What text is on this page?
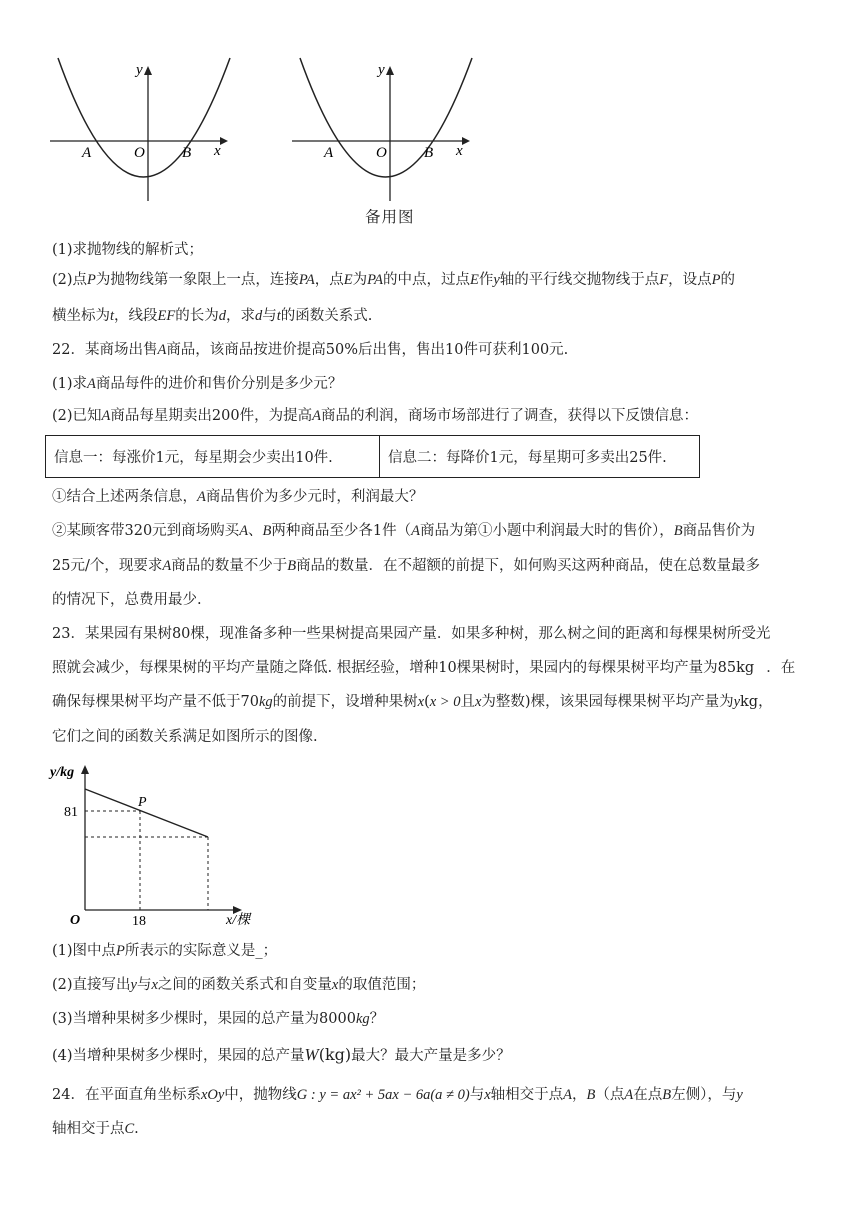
y
x
A	O B
y
x
A	O B
备用图
(1)求抛物线的解析式；
(2)点P为抛物线第一象限上一点，连接PA，点E为PA的中点，过点E作y轴的平行线交抛物线于点F，设点P的
横坐标为t，线段EF的长为d，求d与t的函数关系式.
22．某商场出售A商品，该商品按进价提高50%后出售，售出10件可获利100元.
(1)求A商品每件的进价和售价分别是多少元？
(2)已知A商品每星期卖出200件，为提高A商品的利润，商场市场部进行了调查，获得以下反馈信息：
信息一：每涨价1元，每星期会少卖出10件.	信息二：每降价1元，每星期可多卖出25件.
①结合上述两条信息，A商品售价为多少元时，利润最大？
②某顾客带320元到商场购买A、B两种商品至少各1件（A商品为第①小题中利润最大时的售价），B商品售价为
25元/个，现要求A商品的数量不少于B商品的数量．在不超额的前提下，如何购买这两种商品，使在总数量最多
的情况下，总费用最少.
23．某果园有果树80棵，现准备多种一些果树提高果园产量．如果多种树，那么树之间的距离和每棵果树所受光
照就会减少，每棵果树的平均产量随之降低. 根据经验，增种10棵果树时，果园内的每棵果树平均产量为85kg ．在
确保每棵果树平均产量不低于70kg的前提下，设增种果树x(x > 0且x为整数)棵，该果园每棵果树平均产量为ykg，
它们之间的函数关系满足如图所示的图像.
y/kg
x/棵
O
81
18
P
(1)图中点P所表示的实际意义是_；
(2)直接写出y与x之间的函数关系式和自变量x的取值范围；
(3)当增种果树多少棵时，果园的总产量为8000kg？
(4)当增种果树多少棵时，果园的总产量W(kg)最大？最大产量是多少？
24．在平面直角坐标系xOy中，抛物线G : y = ax² + 5ax − 6a(a ≠ 0)与x轴相交于点A，B（点A在点B左侧），与y
轴相交于点C.
